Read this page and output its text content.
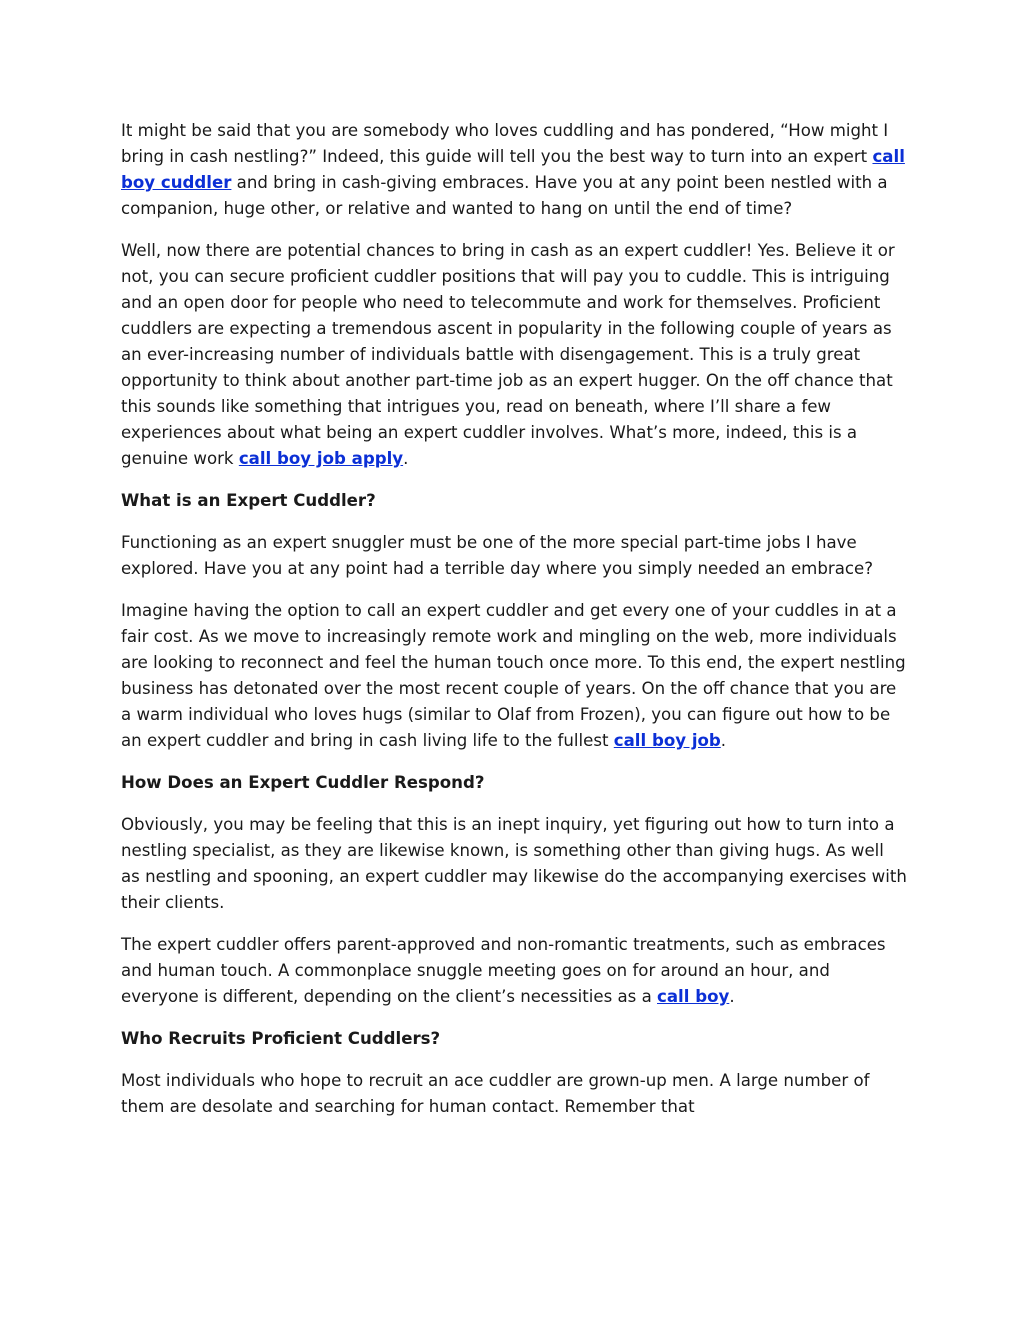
It might be said that you are somebody who loves cuddling and has pondered, “How might I bring in cash nestling?” Indeed, this guide will tell you the best way to turn into an expert call boy cuddler and bring in cash-giving embraces. Have you at any point been nestled with a companion, huge other, or relative and wanted to hang on until the end of time?

Well, now there are potential chances to bring in cash as an expert cuddler! Yes. Believe it or not, you can secure proficient cuddler positions that will pay you to cuddle. This is intriguing and an open door for people who need to telecommute and work for themselves. Proficient cuddlers are expecting a tremendous ascent in popularity in the following couple of years as an ever-increasing number of individuals battle with disengagement. This is a truly great opportunity to think about another part-time job as an expert hugger. On the off chance that this sounds like something that intrigues you, read on beneath, where I’ll share a few experiences about what being an expert cuddler involves. What’s more, indeed, this is a genuine work call boy job apply.

What is an Expert Cuddler?

Functioning as an expert snuggler must be one of the more special part-time jobs I have explored. Have you at any point had a terrible day where you simply needed an embrace?

Imagine having the option to call an expert cuddler and get every one of your cuddles in at a fair cost. As we move to increasingly remote work and mingling on the web, more individuals are looking to reconnect and feel the human touch once more. To this end, the expert nestling business has detonated over the most recent couple of years. On the off chance that you are a warm individual who loves hugs (similar to Olaf from Frozen), you can figure out how to be an expert cuddler and bring in cash living life to the fullest call boy job.

How Does an Expert Cuddler Respond?

Obviously, you may be feeling that this is an inept inquiry, yet figuring out how to turn into a nestling specialist, as they are likewise known, is something other than giving hugs. As well as nestling and spooning, an expert cuddler may likewise do the accompanying exercises with their clients.

The expert cuddler offers parent-approved and non-romantic treatments, such as embraces and human touch. A commonplace snuggle meeting goes on for around an hour, and everyone is different, depending on the client’s necessities as a call boy.

Who Recruits Proficient Cuddlers?

Most individuals who hope to recruit an ace cuddler are grown-up men. A large number of them are desolate and searching for human contact. Remember that
